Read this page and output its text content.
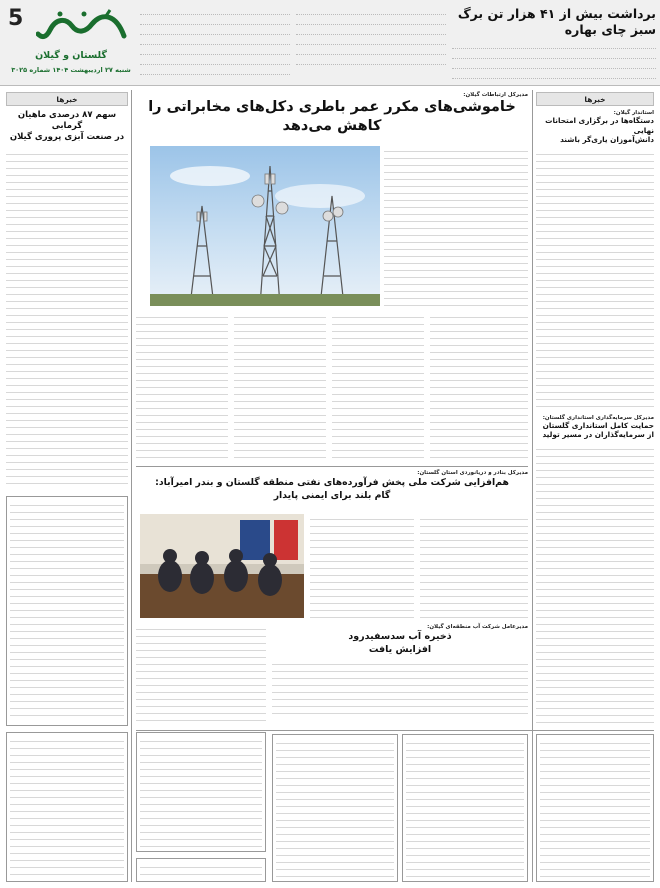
5
گلستان و گیلان
شنبه ۲۷ اردیبهشت ۱۴۰۴ شماره ۳۰۲۵
برداشت بیش از ۴۱ هزار تن برگ سبز چای بهاره
خبرها
سهم ۸۷ درصدی ماهیان گرمابی
در صنعت آبزی پروری گیلان
خبرها
استاندار گیلان:
دستگاه‌ها در برگزاری امتحانات نهایی
دانش‌آموزان یاری‌گر باشند
مدیرکل سرمایه‌گذاری استانداری گلستان:
حمایت کامل استانداری گلستان
از سرمایه‌گذاران در مسیر تولید
مدیرکل ارتباطات گیلان:
خاموشی‌های مکرر عمر باطری دکل‌های مخابراتی را
کاهش می‌دهد
مدیرکل بنادر و دریانوردی استان گلستان:
هم‌افزایی شرکت ملی پخش فرآورده‌های نفتی منطقه گلستان و بندر امیرآباد:
گام بلند برای ایمنی پایدار
مدیرعامل شرکت آب منطقه‌ای گیلان:
ذخیره آب سدسفیدرود
افزایش یافت
